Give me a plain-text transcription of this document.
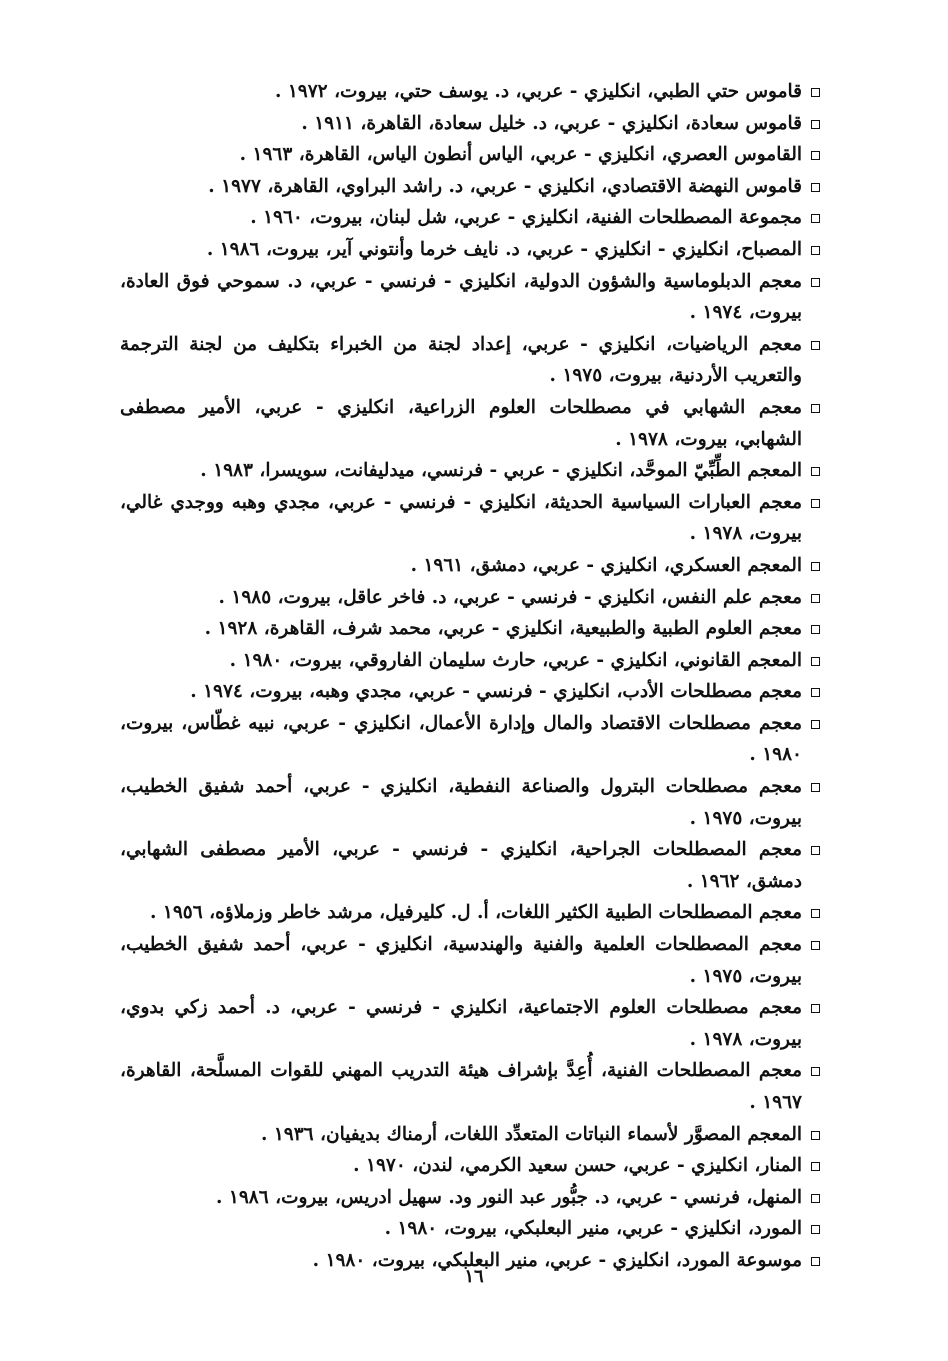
قاموس حتي الطبي، انكليزي - عربي، د. يوسف حتي، بيروت، ١٩٧٢ .
قاموس سعادة، انكليزي - عربي، د. خليل سعادة، القاهرة، ١٩١١ .
القاموس العصري، انكليزي - عربي، الياس أنطون الياس، القاهرة، ١٩٦٣ .
قاموس النهضة الاقتصادي، انكليزي - عربي، د. راشد البراوي، القاهرة، ١٩٧٧ .
مجموعة المصطلحات الفنية، انكليزي - عربي، شل لبنان، بيروت، ١٩٦٠ .
المصباح، انكليزي - انكليزي - عربي، د. نايف خرما وأنتوني آير، بيروت، ١٩٨٦ .
معجم الدبلوماسية والشؤون الدولية، انكليزي - فرنسي - عربي، د. سموحي فوق العادة، بيروت، ١٩٧٤ .
معجم الرياضيات، انكليزي - عربي، إعداد لجنة من الخبراء بتكليف من لجنة الترجمة والتعريب الأردنية، بيروت، ١٩٧٥ .
معجم الشهابي في مصطلحات العلوم الزراعية، انكليزي - عربي، الأمير مصطفى الشهابي، بيروت، ١٩٧٨ .
المعجم الطِّبِّيّ الموحَّد، انكليزي - عربي - فرنسي، ميدليفانت، سويسرا، ١٩٨٣ .
معجم العبارات السياسية الحديثة، انكليزي - فرنسي - عربي، مجدي وهبه ووجدي غالي، بيروت، ١٩٧٨ .
المعجم العسكري، انكليزي - عربي، دمشق، ١٩٦١ .
معجم علم النفس، انكليزي - فرنسي - عربي، د. فاخر عاقل، بيروت، ١٩٨٥ .
معجم العلوم الطبية والطبيعية، انكليزي - عربي، محمد شرف، القاهرة، ١٩٢٨ .
المعجم القانوني، انكليزي - عربي، حارث سليمان الفاروقي، بيروت، ١٩٨٠ .
معجم مصطلحات الأدب، انكليزي - فرنسي - عربي، مجدي وهبه، بيروت، ١٩٧٤ .
معجم مصطلحات الاقتصاد والمال وإدارة الأعمال، انكليزي - عربي، نبيه غطّاس، بيروت، ١٩٨٠ .
معجم مصطلحات البترول والصناعة النفطية، انكليزي - عربي، أحمد شفيق الخطيب، بيروت، ١٩٧٥ .
معجم المصطلحات الجراحية، انكليزي - فرنسي - عربي، الأمير مصطفى الشهابي، دمشق، ١٩٦٢ .
معجم المصطلحات الطبية الكثير اللغات، أ. ل. كليرفيل، مرشد خاطر وزملاؤه، ١٩٥٦ .
معجم المصطلحات العلمية والفنية والهندسية، انكليزي - عربي، أحمد شفيق الخطيب، بيروت، ١٩٧٥ .
معجم مصطلحات العلوم الاجتماعية، انكليزي - فرنسي - عربي، د. أحمد زكي بدوي، بيروت، ١٩٧٨ .
معجم المصطلحات الفنية، أُعِدَّ بإشراف هيئة التدريب المهني للقوات المسلَّحة، القاهرة، ١٩٦٧ .
المعجم المصوَّر لأسماء النباتات المتعدِّد اللغات، أرمناك بديفيان، ١٩٣٦ .
المنار، انكليزي - عربي، حسن سعيد الكرمي، لندن، ١٩٧٠ .
المنهل، فرنسي - عربي، د. جبُّور عبد النور ود. سهيل ادريس، بيروت، ١٩٨٦ .
المورد، انكليزي - عربي، منير البعلبكي، بيروت، ١٩٨٠ .
موسوعة المورد، انكليزي - عربي، منير البعلبكي، بيروت، ١٩٨٠ .
١٦
